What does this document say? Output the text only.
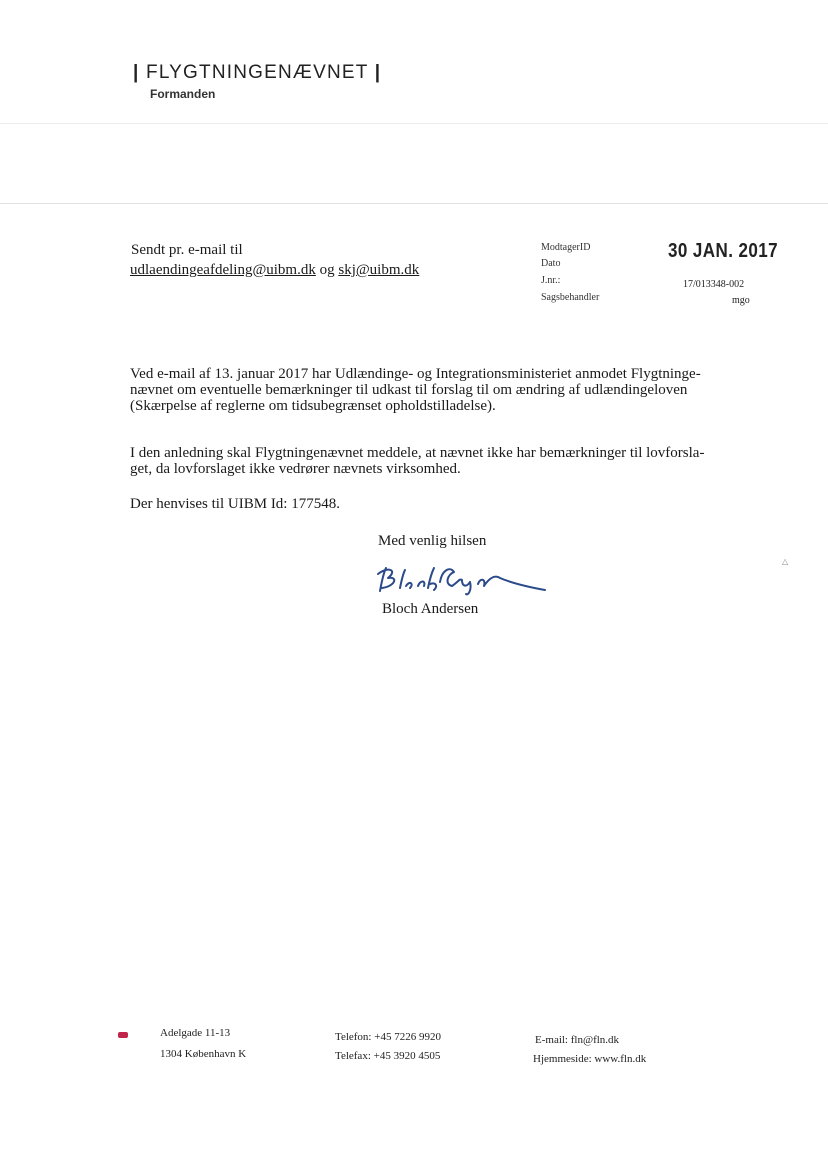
| FLYGTNINGENÆVNET |
Formanden
Sendt pr. e-mail til
udlaendingeafdeling@uibm.dk og skj@uibm.dk
ModtagerID
Dato
J.nr.:
Sagsbehandler
30 JAN. 2017
17/013348-002
mgo
Ved e-mail af 13. januar 2017 har Udlændinge- og Integrationsministeriet anmodet Flygtninge-
nævnet om eventuelle bemærkninger til udkast til forslag til om ændring af udlændingeloven
(Skærpelse af reglerne om tidsubegrænset opholdstilladelse).
I den anledning skal Flygtningenævnet meddele, at nævnet ikke har bemærkninger til lovforsla-
get, da lovforslaget ikke vedrører nævnets virksomhed.
Der henvises til UIBM Id: 177548.
Med venlig hilsen
Bloch Andersen
△
Adelgade 11-13
1304 København K
Telefon: +45 7226 9920
Telefax: +45 3920 4505
E-mail: fln@fln.dk
Hjemmeside: www.fln.dk
